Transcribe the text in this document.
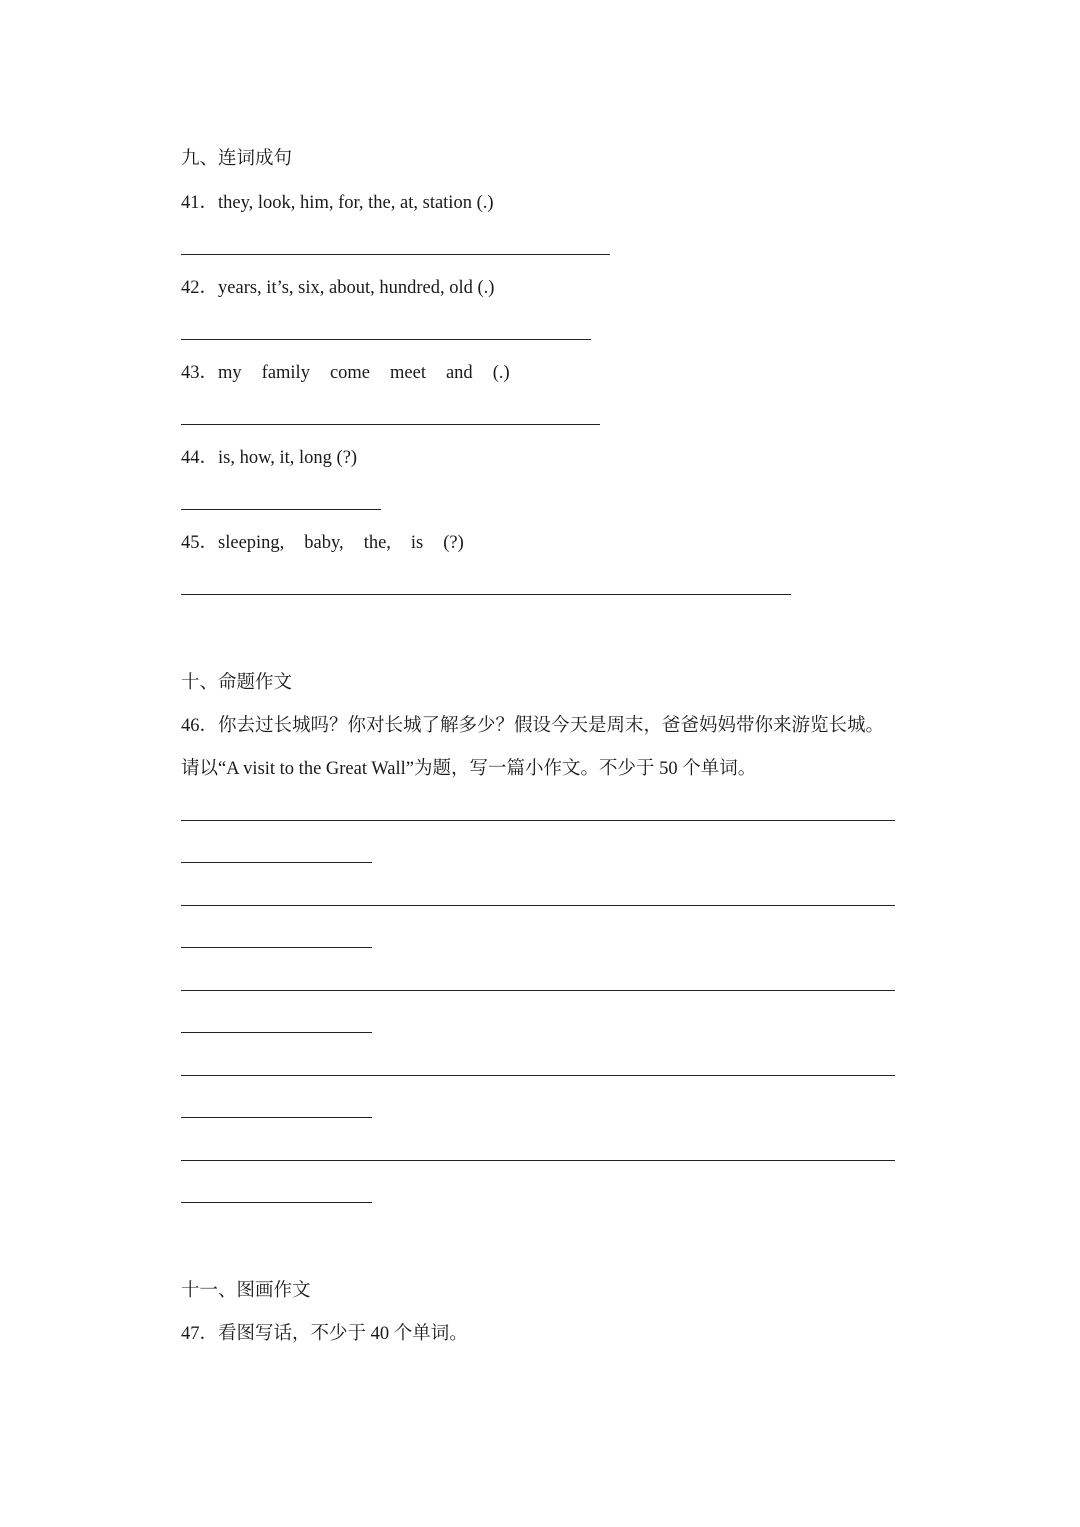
九、连词成句
41．they, look, him, for, the, at, station (.)
42．years, it’s, six, about, hundred, old (.)
43．my family come meet and (.)
44．is, how, it, long (?)
45．sleeping, baby, the, is (?)
十、命题作文
46．你去过长城吗？你对长城了解多少？假设今天是周末，爸爸妈妈带你来游览长城。
请以“A visit to the Great Wall”为题，写一篇小作文。不少于 50 个单词。
十一、图画作文
47．看图写话，不少于 40 个单词。
